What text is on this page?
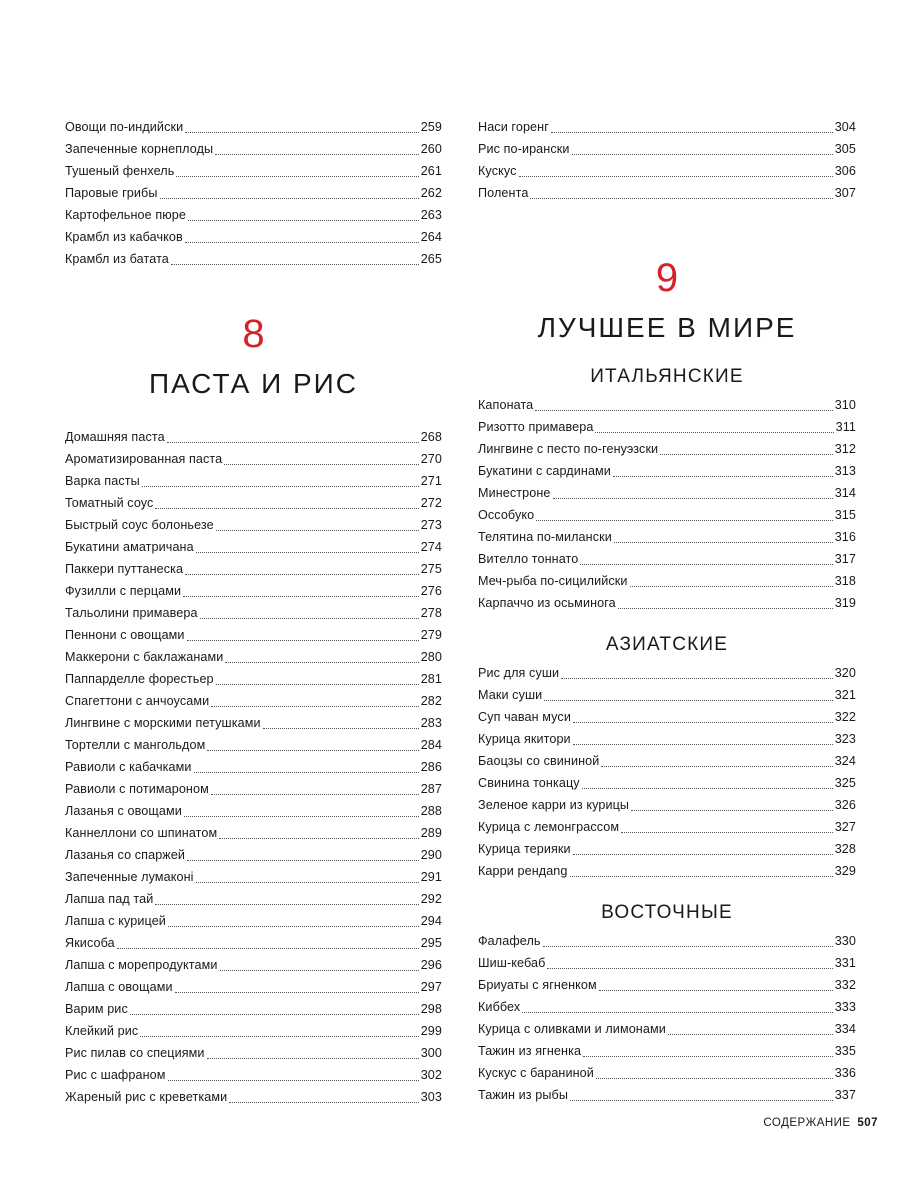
Овощи по-индийски	259
Запеченные корнеплоды	260
Тушеный фенхель	261
Паровые грибы	262
Картофельное пюре	263
Крамбл из кабачков	264
Крамбл из батата	265
8
ПАСТА И РИС
Домашняя паста	268
Ароматизированная паста	270
Варка пасты	271
Томатный соус	272
Быстрый соус болоньезе	273
Букатини аматричана	274
Паккери путтанеска	275
Фузилли с перцами	276
Тальолини примавера	278
Пеннони с овощами	279
Маккерони с баклажанами	280
Паппарделле форестьер	281
Спагеттони с анчоусами	282
Лингвине с морскими петушками	283
Тортелли с мангольдом	284
Равиоли с кабачками	286
Равиоли с потимароном	287
Лазанья с овощами	288
Каннеллони со шпинатом	289
Лазанья со спаржей	290
Запеченные лумаконі	291
Лапша пад тай	292
Лапша с курицей	294
Якисоба	295
Лапша с морепродуктами	296
Лапша с овощами	297
Варим рис	298
Клейкий рис	299
Рис пилав со специями	300
Рис с шафраном	302
Жареный рис с креветками	303
Наси горенг	304
Рис по-ирански	305
Кускус	306
Полента	307
9
ЛУЧШЕЕ В МИРЕ
ИТАЛЬЯНСКИЕ
Капоната	310
Ризотто примавера	311
Лингвине с песто по-генуэзски	312
Букатини с сардинами	313
Минестроне	314
Оссобуко	315
Телятина по-милански	316
Вителло тоннато	317
Меч-рыба по-сицилийски	318
Карпаччо из осьминога	319
АЗИАТСКИЕ
Рис для суши	320
Маки суши	321
Суп чаван муси	322
Курица якитори	323
Баоцзы со свининой	324
Свинина тонкацу	325
Зеленое карри из курицы	326
Курица с лемонграссом	327
Курица терияки	328
Карри рендang	329
ВОСТОЧНЫЕ
Фалафель	330
Шиш-кебаб	331
Бриуаты с ягненком	332
Киббех	333
Курица с оливками и лимонами	334
Тажин из ягненка	335
Кускус с бараниной	336
Тажин из рыбы	337
СОДЕРЖАНИЕ 507
